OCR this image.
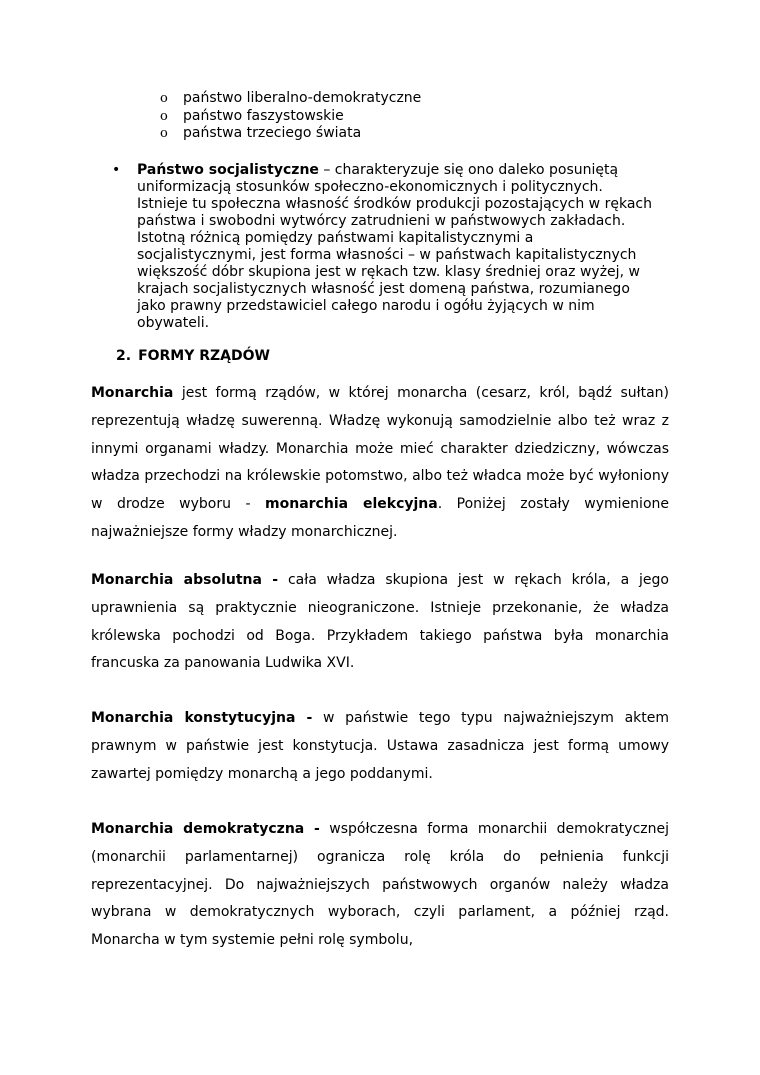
o państwo liberalno-demokratyczne
o państwo faszystowskie
o państwa trzeciego świata
• Państwo socjalistyczne – charakteryzuje się ono daleko posuniętą uniformizacją stosunków społeczno-ekonomicznych i politycznych. Istnieje tu społeczna własność środków produkcji pozostających w rękach państwa i swobodni wytwórcy zatrudnieni w państwowych zakładach. Istotną różnicą pomiędzy państwami kapitalistycznymi a socjalistycznymi, jest forma własności – w państwach kapitalistycznych większość dóbr skupiona jest w rękach tzw. klasy średniej oraz wyżej, w krajach socjalistycznych własność jest domeną państwa, rozumianego jako prawny przedstawiciel całego narodu i ogółu żyjących w nim obywateli.
2. FORMY RZĄDÓW

Monarchia jest formą rządów, w której monarcha (cesarz, król, bądź sułtan) reprezentują władzę suwerenną. Władzę wykonują samodzielnie albo też wraz z innymi organami władzy. Monarchia może mieć charakter dziedziczny, wówczas władza przechodzi na królewskie potomstwo, albo też władca może być wyłoniony w drodze wyboru - monarchia elekcyjna. Poniżej zostały wymienione najważniejsze formy władzy monarchicznej.

Monarchia absolutna - cała władza skupiona jest w rękach króla, a jego uprawnienia są praktycznie nieograniczone. Istnieje przekonanie, że władza królewska pochodzi od Boga. Przykładem takiego państwa była monarchia francuska za panowania Ludwika XVI.

Monarchia konstytucyjna - w państwie tego typu najważniejszym aktem prawnym w państwie jest konstytucja. Ustawa zasadnicza jest formą umowy zawartej pomiędzy monarchą a jego poddanymi.

Monarchia demokratyczna - współczesna forma monarchii demokratycznej (monarchii parlamentarnej) ogranicza rolę króla do pełnienia funkcji reprezentacyjnej. Do najważniejszych państwowych organów należy władza wybrana w demokratycznych wyborach, czyli parlament, a później rząd. Monarcha w tym systemie pełni rolę symbolu,
